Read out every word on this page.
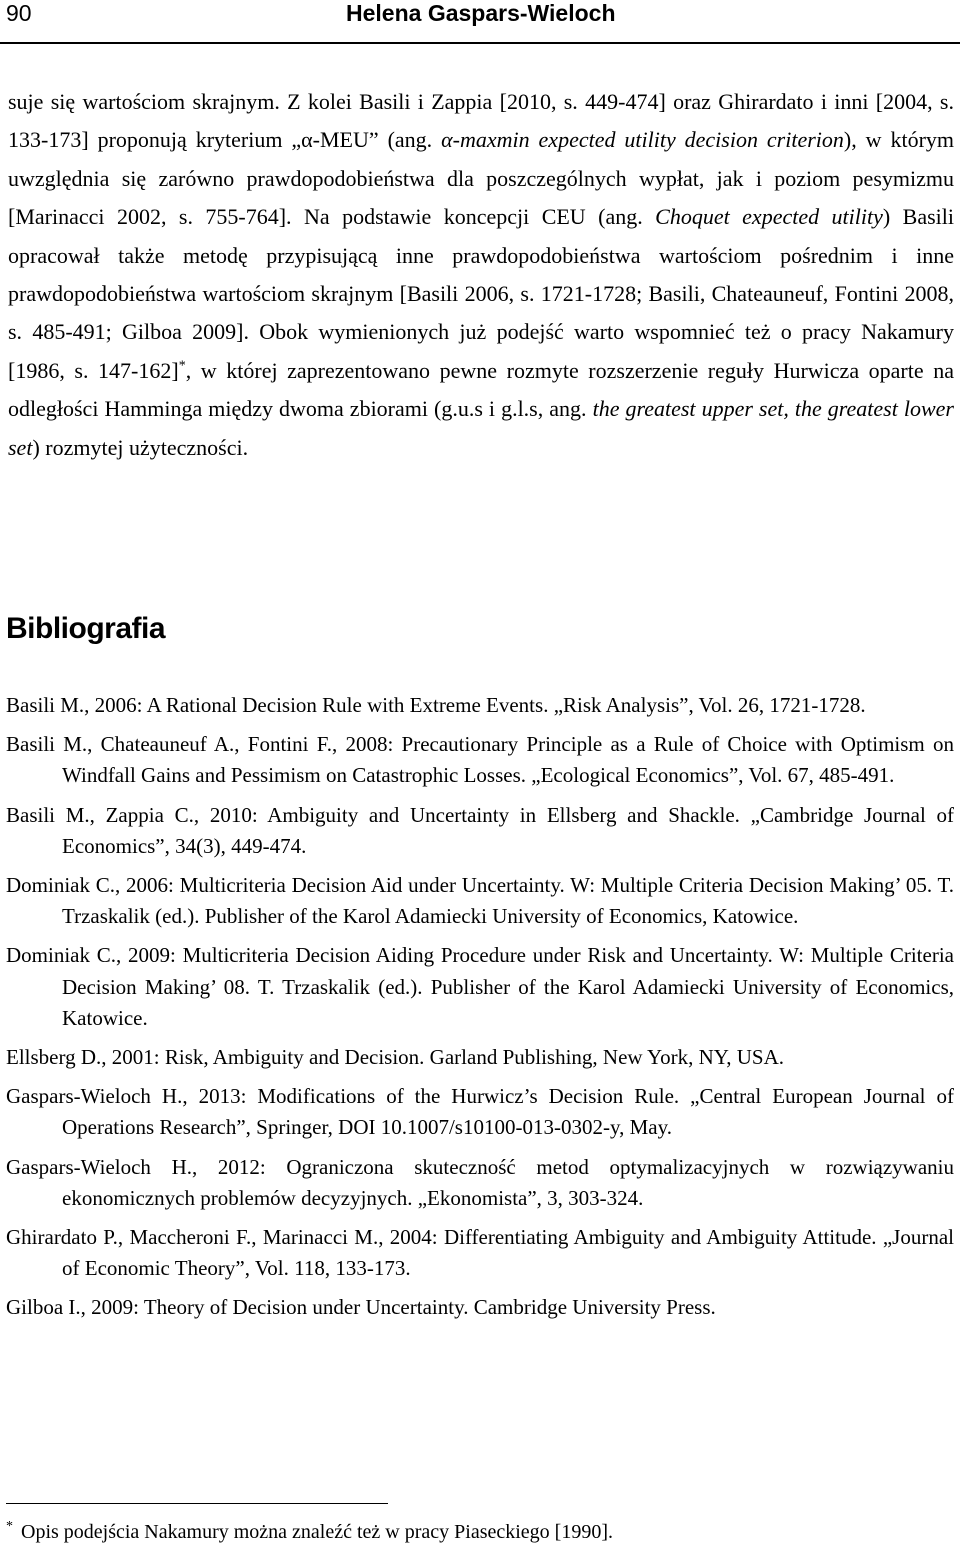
90	Helena Gaspars-Wieloch
suje się wartościom skrajnym. Z kolei Basili i Zappia [2010, s. 449-474] oraz Ghirardato i inni [2004, s. 133-173] proponują kryterium „α-MEU” (ang. α-maxmin expected utility decision criterion), w którym uwzględnia się zarówno prawdopodobieństwa dla poszczególnych wypłat, jak i poziom pesymizmu [Marinacci 2002, s. 755-764]. Na podstawie koncepcji CEU (ang. Choquet expected utility) Basili opracował także metodę przypisującą inne prawdopodobieństwa wartościom pośrednim i inne prawdopodobieństwa wartościom skrajnym [Basili 2006, s. 1721-1728; Basili, Chateauneuf, Fontini 2008, s. 485-491; Gilboa 2009]. Obok wymienionych już podejść warto wspomnieć też o pracy Nakamury [1986, s. 147-162]*, w której zaprezentowano pewne rozmyte rozszerzenie reguły Hurwicza oparte na odległości Hamminga między dwoma zbiorami (g.u.s i g.l.s, ang. the greatest upper set, the greatest lower set) rozmytej użyteczności.
Bibliografia
Basili M., 2006: A Rational Decision Rule with Extreme Events. „Risk Analysis”, Vol. 26, 1721-1728.
Basili M., Chateauneuf A., Fontini F., 2008: Precautionary Principle as a Rule of Choice with Optimism on Windfall Gains and Pessimism on Catastrophic Losses. „Ecological Economics”, Vol. 67, 485-491.
Basili M., Zappia C., 2010: Ambiguity and Uncertainty in Ellsberg and Shackle. „Cambridge Journal of Economics”, 34(3), 449-474.
Dominiak C., 2006: Multicriteria Decision Aid under Uncertainty. W: Multiple Criteria Decision Making’ 05. T. Trzaskalik (ed.). Publisher of the Karol Adamiecki University of Economics, Katowice.
Dominiak C., 2009: Multicriteria Decision Aiding Procedure under Risk and Uncertainty. W: Multiple Criteria Decision Making’ 08. T. Trzaskalik (ed.). Publisher of the Karol Adamiecki University of Economics, Katowice.
Ellsberg D., 2001: Risk, Ambiguity and Decision. Garland Publishing, New York, NY, USA.
Gaspars-Wieloch H., 2013: Modifications of the Hurwicz’s Decision Rule. „Central European Journal of Operations Research”, Springer, DOI 10.1007/s10100-013-0302-y, May.
Gaspars-Wieloch H., 2012: Ograniczona skuteczność metod optymalizacyjnych w rozwiązywaniu ekonomicznych problemów decyzyjnych. „Ekonomista”, 3, 303-324.
Ghirardato P., Maccheroni F., Marinacci M., 2004: Differentiating Ambiguity and Ambiguity Attitude. „Journal of Economic Theory”, Vol. 118, 133-173.
Gilboa I., 2009: Theory of Decision under Uncertainty. Cambridge University Press.
* Opis podejścia Nakamury można znaleźć też w pracy Piaseckiego [1990].
